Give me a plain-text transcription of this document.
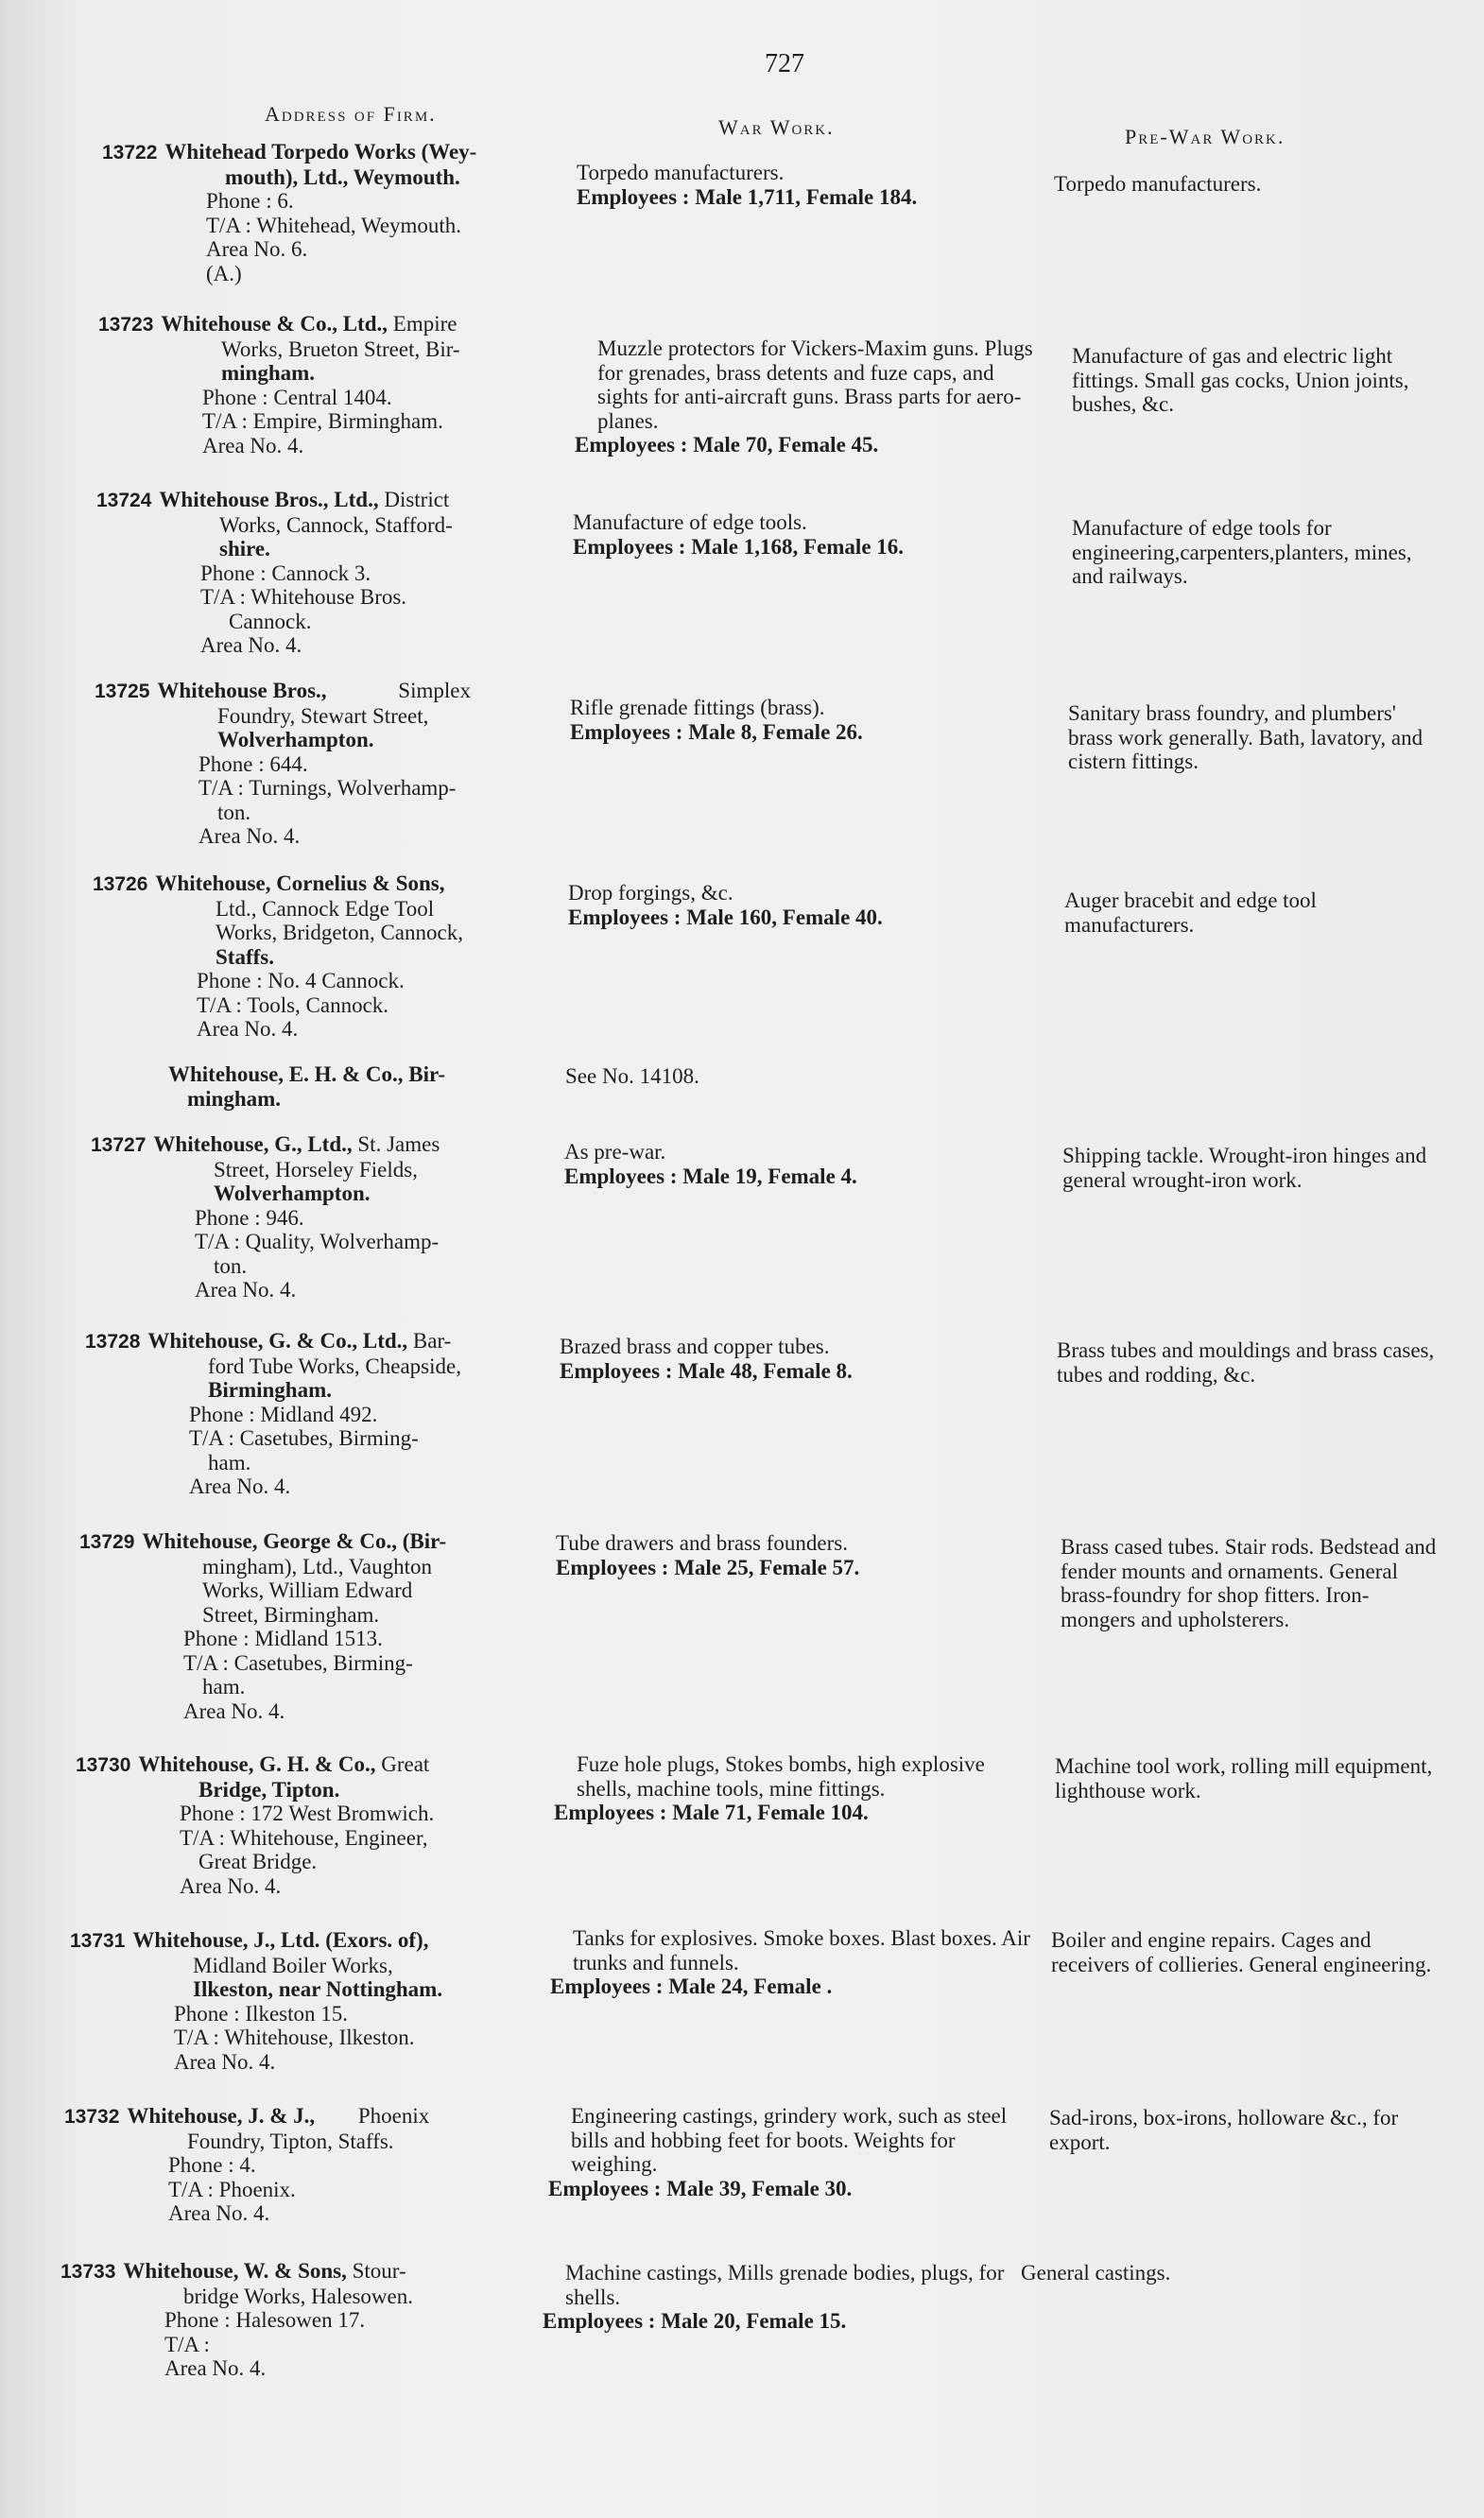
727
Address of Firm.
War Work.	Pre-War Work.
13722 Whitehead Torpedo Works (Wey-
mouth), Ltd., Weymouth.
Phone : 6.
T/A : Whitehead, Weymouth.
Area No. 6.
(A.)
Torpedo manufacturers.
Employees : Male 1,711, Female 184.
Torpedo manufacturers.
13723 Whitehouse & Co., Ltd., Empire
Works, Brueton Street, Bir-
mingham.
Phone : Central 1404.
T/A : Empire, Birmingham.
Area No. 4.
Muzzle protectors for Vickers-Maxim guns. Plugs for grenades, brass detents and fuze caps, and sights for anti-aircraft guns. Brass parts for aero-planes.
Employees : Male 70, Female 45.
Manufacture of gas and electric light fittings. Small gas cocks, Union joints, bushes, &c.
13724 Whitehouse Bros., Ltd., District
Works, Cannock, Stafford-
shire.
Phone : Cannock 3.
T/A : Whitehouse Bros.
Cannock.
Area No. 4.
Manufacture of edge tools.
Employees : Male 1,168, Female 16.
Manufacture of edge tools for engineering,carpenters,planters, mines, and railways.
13725 Whitehouse Bros.,	Simplex
Foundry, Stewart Street,
Wolverhampton.
Phone : 644.
T/A : Turnings, Wolverhamp-
ton.
Area No. 4.
Rifle grenade fittings (brass).
Employees : Male 8, Female 26.
Sanitary brass foundry, and plumbers' brass work generally. Bath, lavatory, and cistern fittings.
13726 Whitehouse, Cornelius & Sons,
Ltd., Cannock Edge Tool
Works, Bridgeton, Cannock,
Staffs.
Phone : No. 4 Cannock.
T/A : Tools, Cannock.
Area No. 4.
Drop forgings, &c.
Employees : Male 160, Female 40.
Auger bracebit and edge tool manufacturers.
Whitehouse, E. H. & Co., Bir-
mingham.
See No. 14108.
13727 Whitehouse, G., Ltd., St. James
Street, Horseley Fields,
Wolverhampton.
Phone : 946.
T/A : Quality, Wolverhamp-
ton.
Area No. 4.
As pre-war.
Employees : Male 19, Female 4.
Shipping tackle. Wrought-iron hinges and general wrought-iron work.
13728 Whitehouse, G. & Co., Ltd., Bar-
ford Tube Works, Cheapside,
Birmingham.
Phone : Midland 492.
T/A : Casetubes, Birming-
ham.
Area No. 4.
Brazed brass and copper tubes.
Employees : Male 48, Female 8.
Brass tubes and mouldings and brass cases, tubes and rodding, &c.
13729 Whitehouse, George & Co., (Bir-
mingham), Ltd., Vaughton
Works, William Edward
Street, Birmingham.
Phone : Midland 1513.
T/A : Casetubes, Birming-
ham.
Area No. 4.
Tube drawers and brass founders.
Employees : Male 25, Female 57.
Brass cased tubes. Stair rods. Bedstead and fender mounts and ornaments. General brass-foundry for shop fitters. Iron-mongers and upholsterers.
13730 Whitehouse, G. H. & Co., Great
Bridge, Tipton.
Phone : 172 West Bromwich.
T/A : Whitehouse, Engineer,
Great Bridge.
Area No. 4.
Fuze hole plugs, Stokes bombs, high explosive shells, machine tools, mine fittings.
Employees : Male 71, Female 104.
Machine tool work, rolling mill equipment, lighthouse work.
13731 Whitehouse, J., Ltd. (Exors. of),
Midland Boiler Works,
Ilkeston, near Nottingham.
Phone : Ilkeston 15.
T/A : Whitehouse, Ilkeston.
Area No. 4.
Tanks for explosives. Smoke boxes. Blast boxes. Air trunks and funnels.
Employees : Male 24, Female .
Boiler and engine repairs. Cages and receivers of collieries. General engineering.
13732 Whitehouse, J. & J., Phoenix
Foundry, Tipton, Staffs.
Phone : 4.
T/A : Phoenix.
Area No. 4.
Engineering castings, grindery work, such as steel bills and hobbing feet for boots. Weights for weighing.
Employees : Male 39, Female 30.
Sad-irons, box-irons, holloware &c., for export.
13733 Whitehouse, W. & Sons, Stour-
bridge Works, Halesowen.
Phone : Halesowen 17.
T/A :
Area No. 4.
Machine castings, Mills grenade bodies, plugs, for shells.
Employees : Male 20, Female 15.
General castings.
